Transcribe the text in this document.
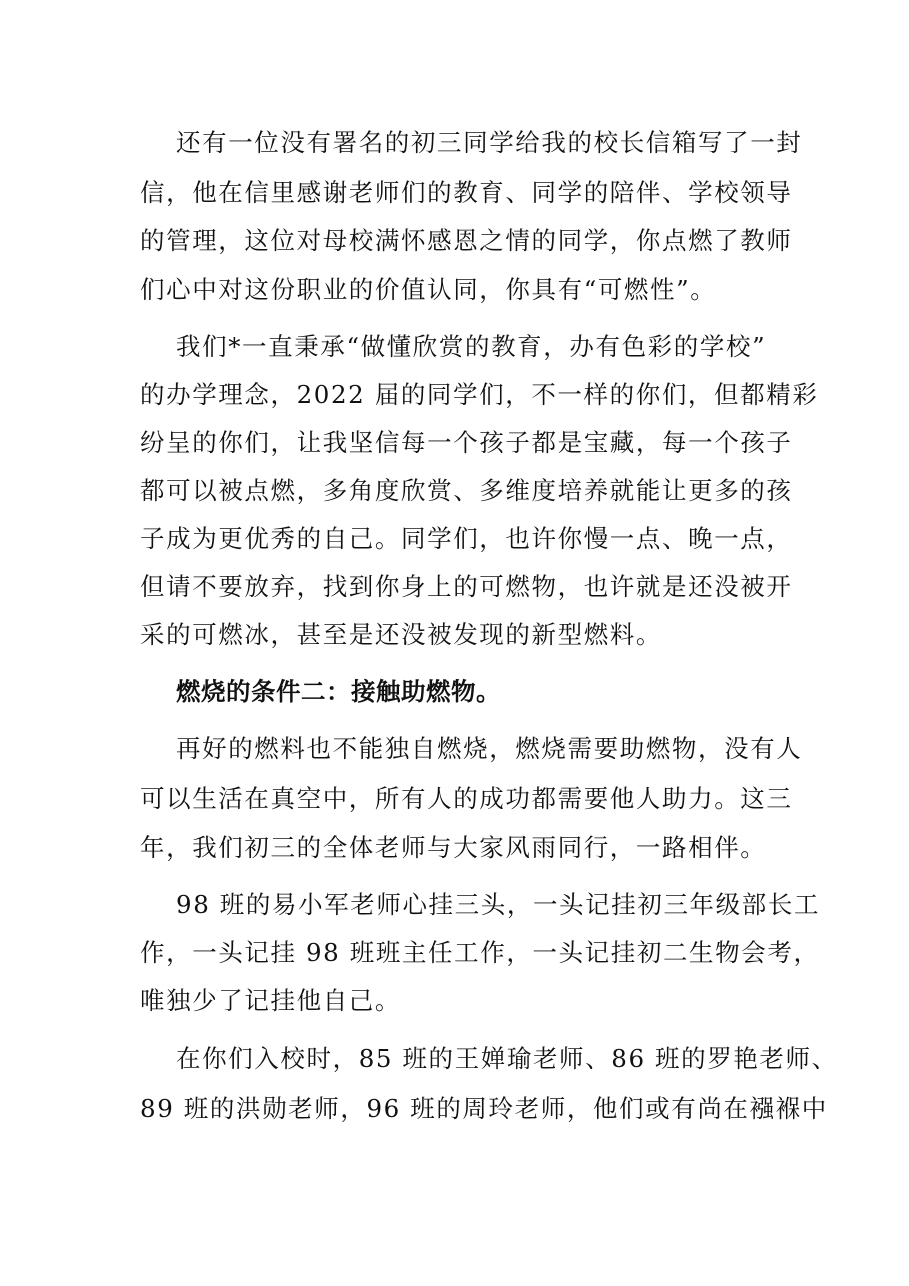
还有一位没有署名的初三同学给我的校长信箱写了一封
信，他在信里感谢老师们的教育、同学的陪伴、学校领导
的管理，这位对母校满怀感恩之情的同学，你点燃了教师
们心中对这份职业的价值认同，你具有“可燃性”。
我们*一直秉承“做懂欣赏的教育，办有色彩的学校”
的办学理念，2022 届的同学们，不一样的你们，但都精彩
纷呈的你们，让我坚信每一个孩子都是宝藏，每一个孩子
都可以被点燃，多角度欣赏、多维度培养就能让更多的孩
子成为更优秀的自己。同学们，也许你慢一点、晚一点，
但请不要放弃，找到你身上的可燃物，也许就是还没被开
采的可燃冰，甚至是还没被发现的新型燃料。
燃烧的条件二：接触助燃物。
再好的燃料也不能独自燃烧，燃烧需要助燃物，没有人
可以生活在真空中，所有人的成功都需要他人助力。这三
年，我们初三的全体老师与大家风雨同行，一路相伴。
98 班的易小军老师心挂三头，一头记挂初三年级部长工
作，一头记挂 98 班班主任工作，一头记挂初二生物会考，
唯独少了记挂他自己。
在你们入校时，85 班的王婵瑜老师、86 班的罗艳老师、
89 班的洪勋老师，96 班的周玲老师，他们或有尚在襁褓中
